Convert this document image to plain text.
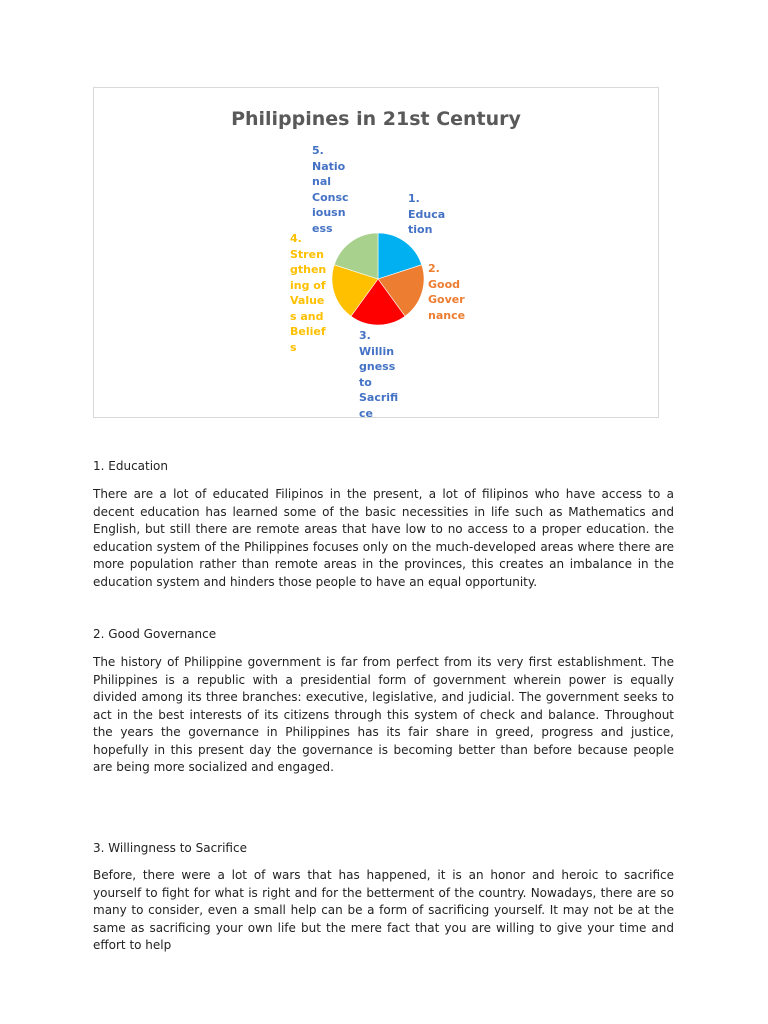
Philippines in 21st Century
1.
Educa
tion
2.
Good
Gover
nance
3.
Willin
gness
to
Sacrifi
ce
4.
Stren
gthen
ing of
Value
s and
Belief
s
5.
Natio
nal
Consc
iousn
ess
1. Education

There are a lot of educated Filipinos in the present, a lot of filipinos who have access to a decent education has learned some of the basic necessities in life such as Mathematics and English, but still there are remote areas that have low to no access to a proper education. the education system of the Philippines focuses only on the much-developed areas where there are more population rather than remote areas in the provinces, this creates an imbalance in the education system and hinders those people to have an equal opportunity.

2. Good Governance

The history of Philippine government is far from perfect from its very first establishment. The Philippines is a republic with a presidential form of government wherein power is equally divided among its three branches: executive, legislative, and judicial. The government seeks to act in the best interests of its citizens through this system of check and balance. Throughout the years the governance in Philippines has its fair share in greed, progress and justice, hopefully in this present day the governance is becoming better than before because people are being more socialized and engaged.

3. Willingness to Sacrifice

Before, there were a lot of wars that has happened, it is an honor and heroic to sacrifice yourself to fight for what is right and for the betterment of the country. Nowadays, there are so many to consider, even a small help can be a form of sacrificing yourself. It may not be at the same as sacrificing your own life but the mere fact that you are willing to give your time and effort to help
